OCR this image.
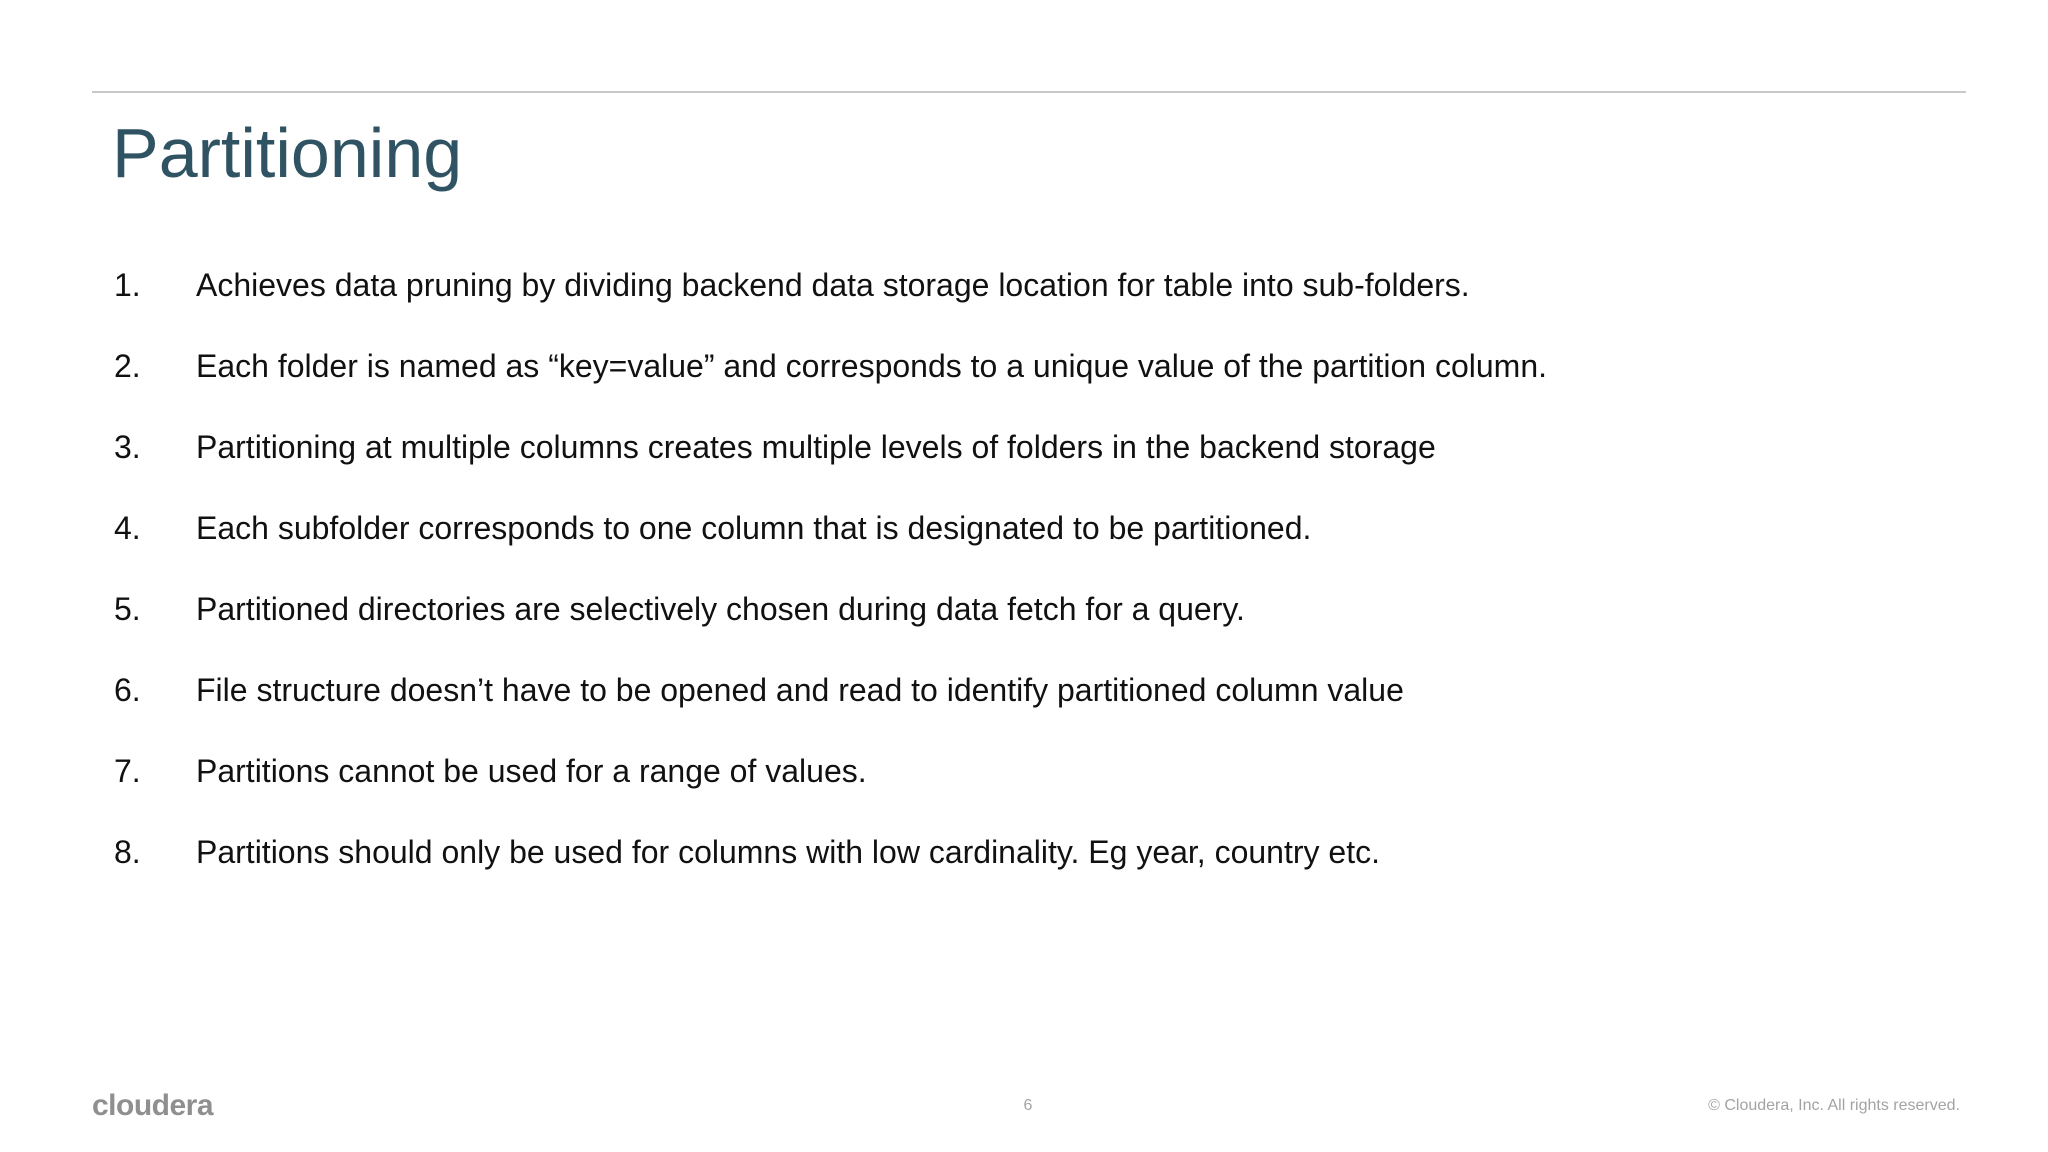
Partitioning
1. Achieves data pruning by dividing backend data storage location for table into sub-folders.
2. Each folder is named as “key=value” and corresponds to a unique value of the partition column.
3. Partitioning at multiple columns creates multiple levels of folders in the backend storage
4. Each subfolder corresponds to one column that is designated to be partitioned.
5. Partitioned directories are selectively chosen during data fetch for a query.
6. File structure doesn’t have to be opened and read to identify partitioned column value
7. Partitions cannot be used for a range of values.
8. Partitions should only be used for columns with low cardinality. Eg year, country etc.
cloudera	6	© Cloudera, Inc. All rights reserved.
